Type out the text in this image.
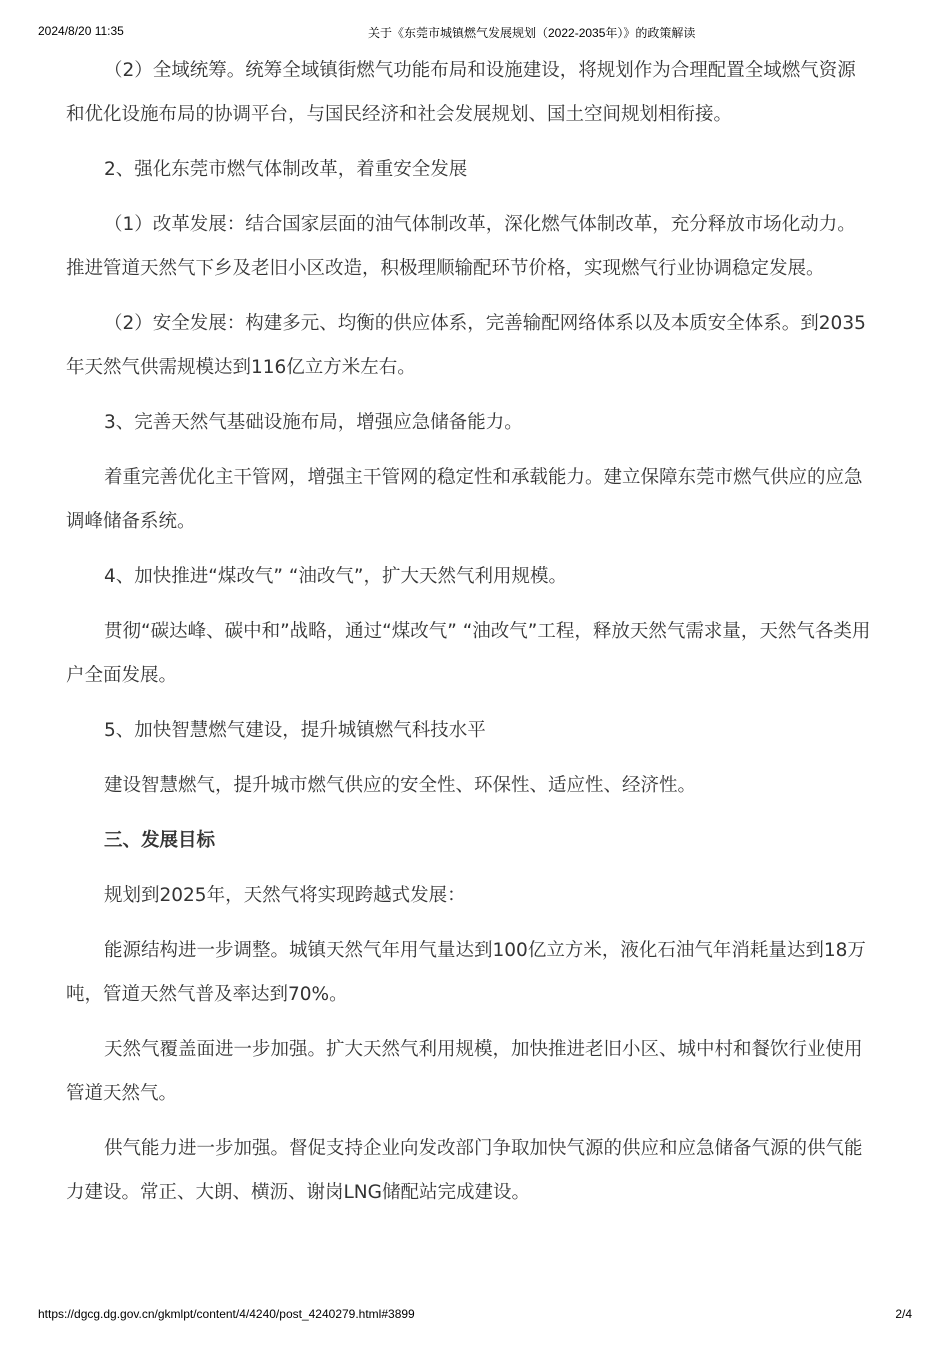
2024/8/20 11:35	关于《东莞市城镇燃气发展规划（2022-2035年）》的政策解读

（2）全域统筹。统筹全域镇街燃气功能布局和设施建设，将规划作为合理配置全域燃气资源和优化设施布局的协调平台，与国民经济和社会发展规划、国土空间规划相衔接。

2、强化东莞市燃气体制改革，着重安全发展

（1）改革发展：结合国家层面的油气体制改革，深化燃气体制改革，充分释放市场化动力。推进管道天然气下乡及老旧小区改造，积极理顺输配环节价格，实现燃气行业协调稳定发展。

（2）安全发展：构建多元、均衡的供应体系，完善输配网络体系以及本质安全体系。到2035年天然气供需规模达到116亿立方米左右。

3、完善天然气基础设施布局，增强应急储备能力。

着重完善优化主干管网，增强主干管网的稳定性和承载能力。建立保障东莞市燃气供应的应急调峰储备系统。

4、加快推进“煤改气” “油改气”，扩大天然气利用规模。

贯彻“碳达峰、碳中和”战略，通过“煤改气” “油改气”工程，释放天然气需求量，天然气各类用户全面发展。

5、加快智慧燃气建设，提升城镇燃气科技水平

建设智慧燃气，提升城市燃气供应的安全性、环保性、适应性、经济性。

三、发展目标

规划到2025年，天然气将实现跨越式发展：

能源结构进一步调整。城镇天然气年用气量达到100亿立方米，液化石油气年消耗量达到18万吨，管道天然气普及率达到70%。

天然气覆盖面进一步加强。扩大天然气利用规模，加快推进老旧小区、城中村和餐饮行业使用管道天然气。

供气能力进一步加强。督促支持企业向发改部门争取加快气源的供应和应急储备气源的供气能力建设。常正、大朗、横沥、谢岗LNG储配站完成建设。

https://dgcg.dg.gov.cn/gkmlpt/content/4/4240/post_4240279.html#3899	2/4
